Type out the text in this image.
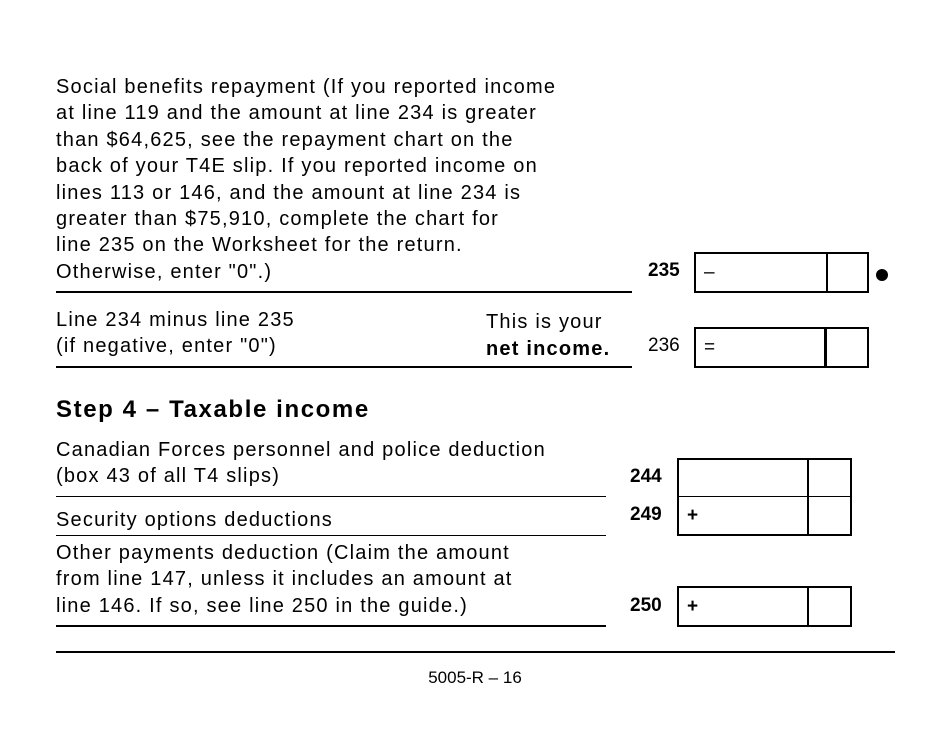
Social benefits repayment (If you reported income
at line 119 and the amount at line 234 is greater
than $64,625, see the repayment chart on the
back of your T4E slip. If you reported income on
lines 113 or 146, and the amount at line 234 is
greater than $75,910, complete the chart for
line 235 on the Worksheet for the return.
Otherwise, enter "0".)	235 –
Line 234 minus line 235
(if negative, enter "0")
This is your
net income. 236 =
Step 4 – Taxable income
Canadian Forces personnel and police deduction
(box 43 of all T4 slips)	244
Security options deductions	249 +
Other payments deduction (Claim the amount
from line 147, unless it includes an amount at
line 146. If so, see line 250 in the guide.)	250 +
5005-R – 16
